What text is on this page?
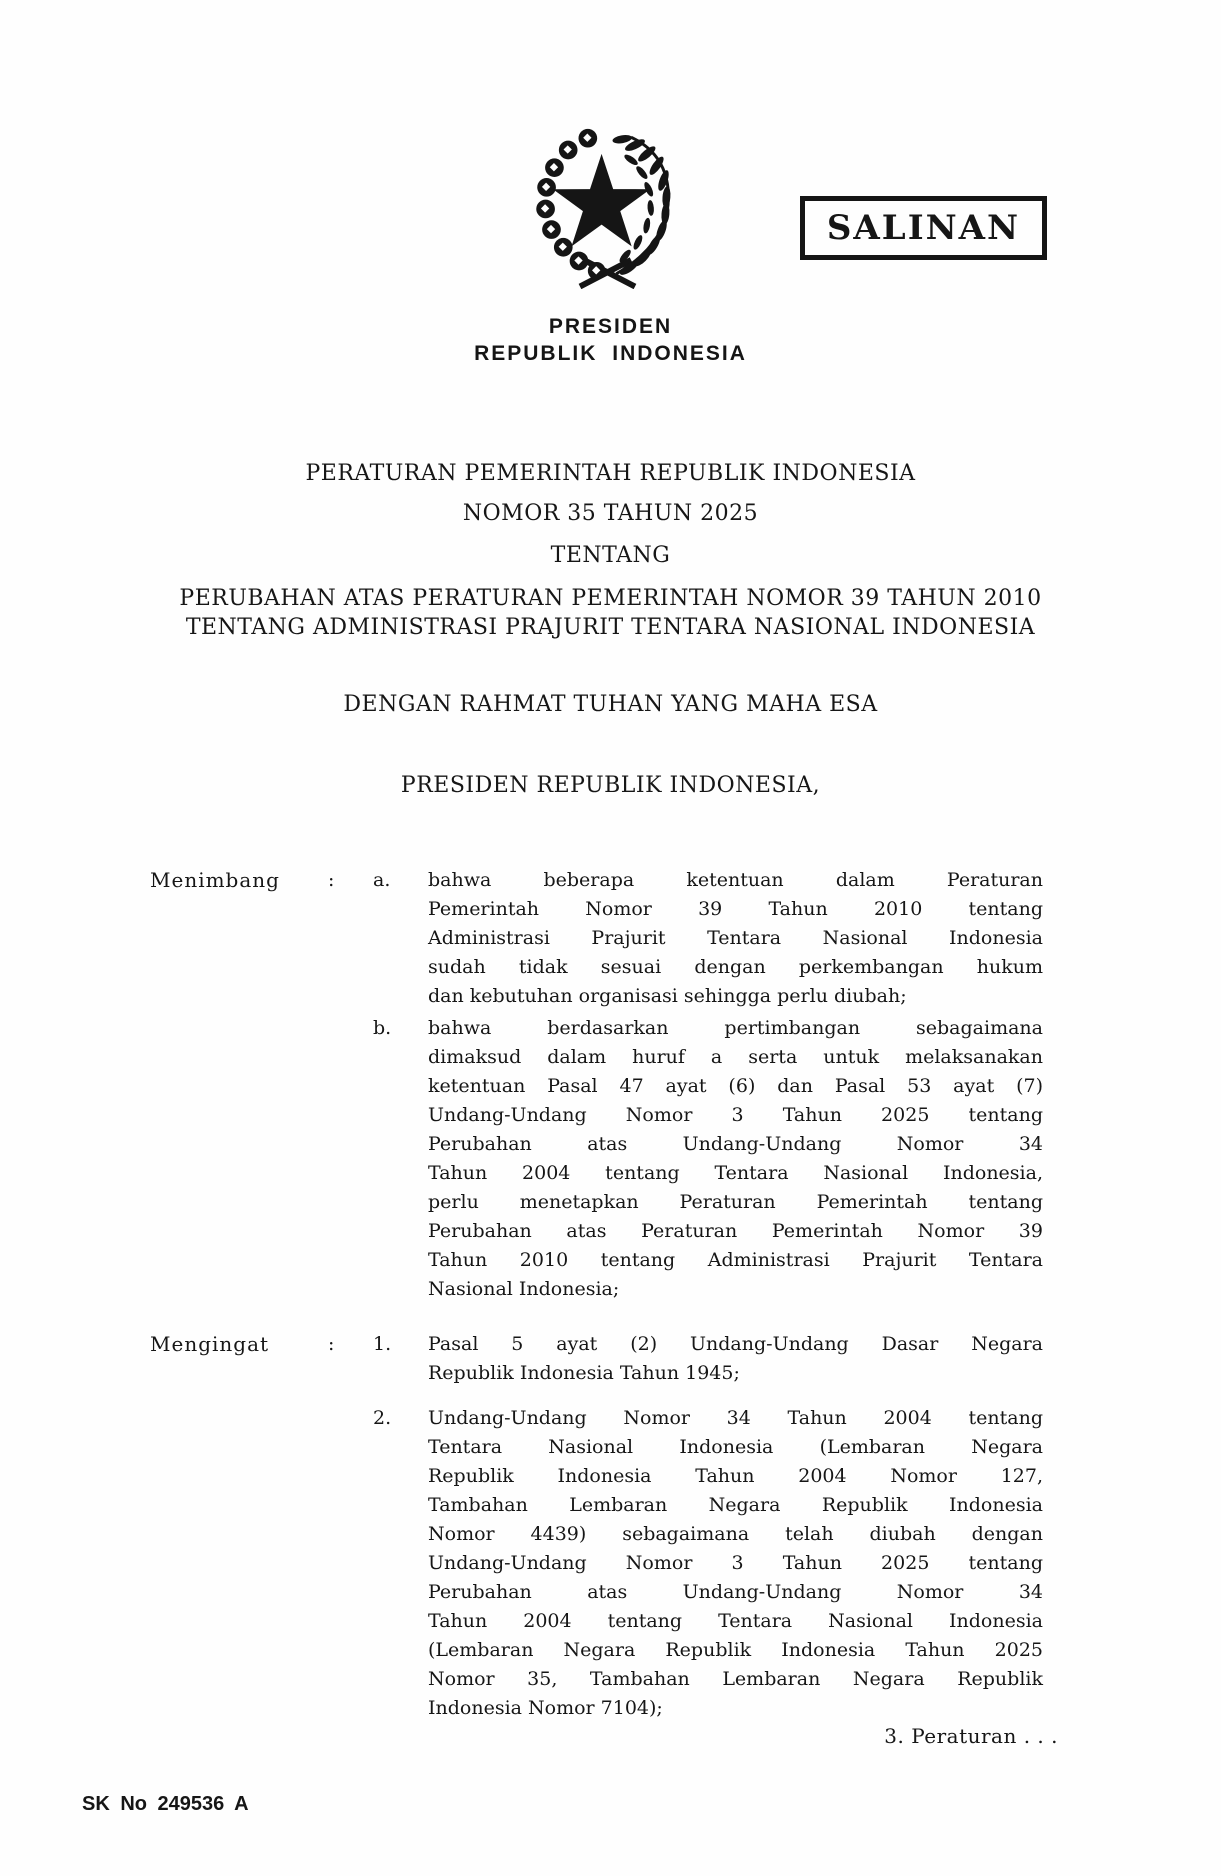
SALINAN
PRESIDEN
REPUBLIK INDONESIA
PERATURAN PEMERINTAH REPUBLIK INDONESIA
NOMOR 35 TAHUN 2025
TENTANG
PERUBAHAN ATAS PERATURAN PEMERINTAH NOMOR 39 TAHUN 2010
TENTANG ADMINISTRASI PRAJURIT TENTARA NASIONAL INDONESIA
DENGAN RAHMAT TUHAN YANG MAHA ESA
PRESIDEN REPUBLIK INDONESIA,
Menimbang	:	a.	bahwa beberapa ketentuan dalam Peraturan
Pemerintah Nomor 39 Tahun 2010 tentang
Administrasi Prajurit Tentara Nasional Indonesia
sudah tidak sesuai dengan perkembangan hukum
dan kebutuhan organisasi sehingga perlu diubah;
b.	bahwa berdasarkan pertimbangan sebagaimana
dimaksud dalam huruf a serta untuk melaksanakan
ketentuan Pasal 47 ayat (6) dan Pasal 53 ayat (7)
Undang-Undang Nomor 3 Tahun 2025 tentang
Perubahan atas Undang-Undang Nomor 34
Tahun 2004 tentang Tentara Nasional Indonesia,
perlu menetapkan Peraturan Pemerintah tentang
Perubahan atas Peraturan Pemerintah Nomor 39
Tahun 2010 tentang Administrasi Prajurit Tentara
Nasional Indonesia;
Mengingat	:	1.	Pasal 5 ayat (2) Undang-Undang Dasar Negara
Republik Indonesia Tahun 1945;
2.	Undang-Undang Nomor 34 Tahun 2004 tentang
Tentara Nasional Indonesia (Lembaran Negara
Republik Indonesia Tahun 2004 Nomor 127,
Tambahan Lembaran Negara Republik Indonesia
Nomor 4439) sebagaimana telah diubah dengan
Undang-Undang Nomor 3 Tahun 2025 tentang
Perubahan atas Undang-Undang Nomor 34
Tahun 2004 tentang Tentara Nasional Indonesia
(Lembaran Negara Republik Indonesia Tahun 2025
Nomor 35, Tambahan Lembaran Negara Republik
Indonesia Nomor 7104);
3. Peraturan . . .
SK No 249536 A
